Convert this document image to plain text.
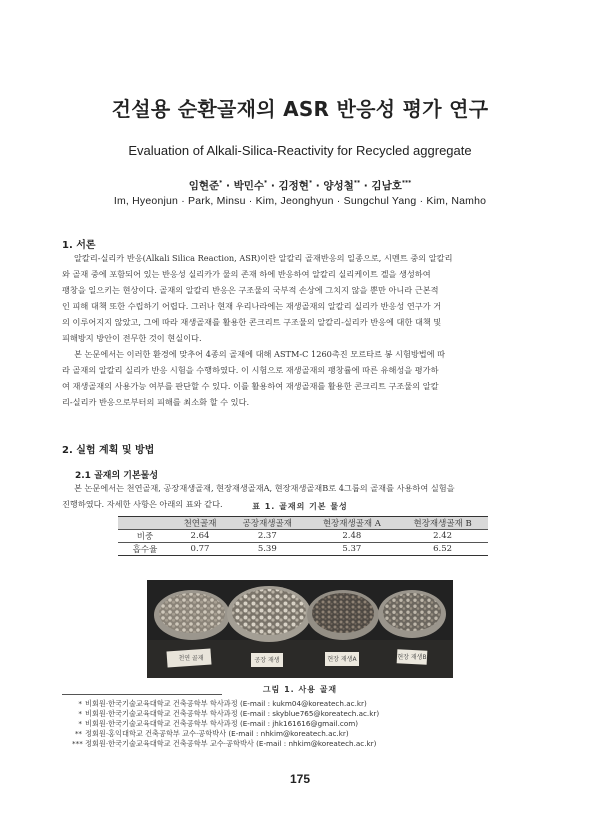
건설용 순환골재의 ASR 반응성 평가 연구
Evaluation of Alkali-Silica-Reactivity for Recycled aggregate
임현준* · 박민수* · 김정현* · 양성철** · 김남호***
Im, Hyeonjun · Park, Minsu · Kim, Jeonghyun · Sungchul Yang · Kim, Namho
1. 서론
알칼리-실리카 반응(Alkali Silica Reaction, ASR)이란 알칼리 골재반응의 일종으로, 시멘트 중의 알칼리
와 골재 중에 포함되어 있는 반응성 실리카가 물의 존재 하에 반응하여 알칼리 실리케이트 겔을 생성하여
팽창을 일으키는 현상이다. 골재의 알칼리 반응은 구조물의 국부적 손상에 그치지 않을 뿐만 아니라 근본적
인 피해 대책 또한 수립하기 어렵다. 그러나 현재 우리나라에는 재생골재의 알칼리 실리카 반응성 연구가 거
의 이루어지지 않았고, 그에 따라 재생골재를 활용한 콘크리트 구조물의 알칼리-실리카 반응에 대한 대책 및
피해방지 방안이 전무한 것이 현실이다.
본 논문에서는 이러한 환경에 맞추어 4종의 골재에 대해 ASTM-C 1260촉진 모르타르 봉 시험방법에 따
라 골재의 알칼리 실리카 반응 시험을 수행하였다. 이 시험으로 재생골재의 팽창률에 따른 유해성을 평가하
여 재생골재의 사용가능 여부를 판단할 수 있다. 이를 활용하여 재생골재를 활용한 콘크리트 구조물의 알칼
리-실리카 반응으로부터의 피해를 최소화 할 수 있다.
2. 실험 계획 및 방법
2.1 골재의 기본물성
본 논문에서는 천연골재, 공장재생골재, 현장재생골재A, 현장재생골재B로 4그룹의 골재를 사용하여 실험을
진행하였다. 자세한 사항은 아래의 표와 같다.	표 1. 골재의 기본 물성
	천연골재	공장재생골재	현장재생골재 A	현장재생골재 B
비중	2.64	2.37	2.48	2.42
흡수율	0.77	5.39	5.37	6.52
천연 골재	공장 재생	현장 재생A	현장 재생B
그림 1. 사용 골재
* 비회원·한국기술교육대학교 건축공학부 학사과정 (E-mail : kukm04@koreatech.ac.kr)
* 비회원·한국기술교육대학교 건축공학부 학사과정 (E-mail : skyblue765@koreatech.ac.kr)
* 비회원·한국기술교육대학교 건축공학부 학사과정 (E-mail : jhk161616@gmail.com)
** 정회원·홍익대학교 건축공학부 교수·공학박사 (E-mail : nhkim@koreatech.ac.kr)
*** 정회원·한국기술교육대학교 건축공학부 교수·공학박사 (E-mail : nhkim@koreatech.ac.kr)
175
